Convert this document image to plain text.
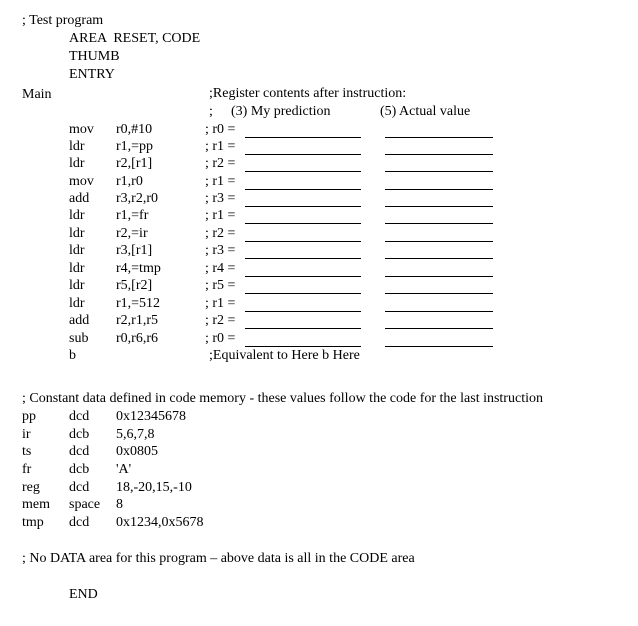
; Test program
AREA  RESET, CODE
THUMB
ENTRY
Main	;Register contents after instruction:
; (3) My prediction	(5) Actual value
mov r0,#10	; r0 =
ldr r1,=pp	; r1 =
ldr r2,[r1]	; r2 =
mov r1,r0	; r1 =
add r3,r2,r0	; r3 =
ldr r1,=fr	; r1 =
ldr r2,=ir	; r2 =
ldr r3,[r1]	; r3 =
ldr r4,=tmp	; r4 =
ldr r5,[r2]	; r5 =
ldr r1,=512	; r1 =
add r2,r1,r5	; r2 =
sub r0,r6,r6	; r0 =
b	;Equivalent to Here b Here
; Constant data defined in code memory - these values follow the code for the last instruction
pp dcd 0x12345678
ir	dcb 5,6,7,8
ts	dcd 0x0805
fr	dcb 'A'
reg dcd 18,-20,15,-10
mem space 8
tmp dcd 0x1234,0x5678
; No DATA area for this program – above data is all in the CODE area
END
